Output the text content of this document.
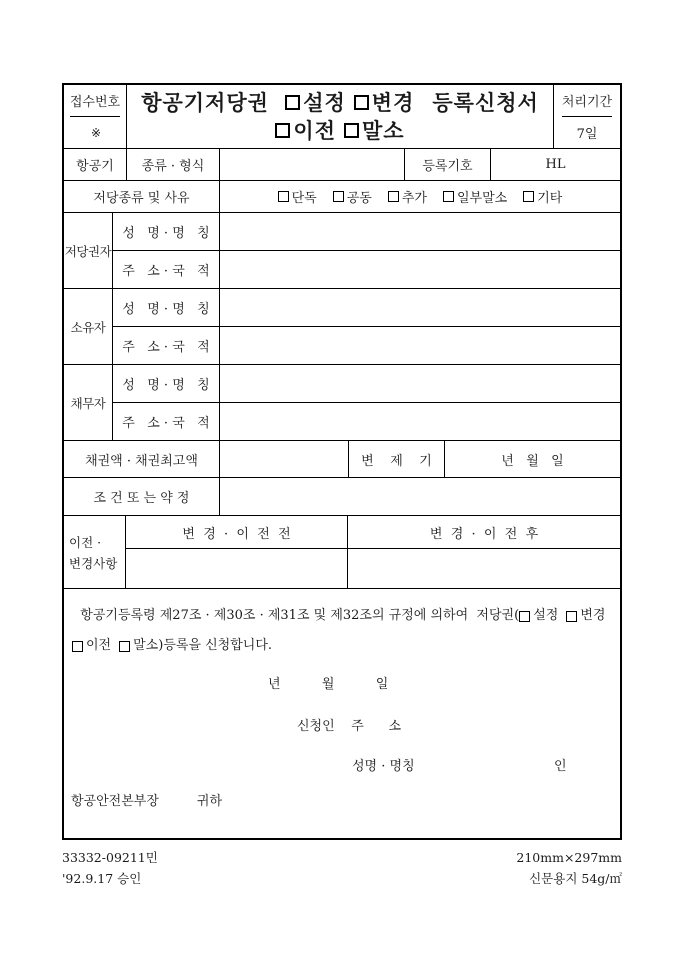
접수번호
※
항공기저당권 설정 변경 등록신청서
이전 말소
처리기간
7일
항공기	종류 · 형식	등록기호	HL
저당종류 및 사유	단독 공동 추가 일부말소 기타
저당권자
성   명 · 명   칭
주   소 · 국   적
소유자
성   명 · 명   칭
주   소 · 국   적
채무자
성   명 · 명   칭
주   소 · 국   적
채권액 · 채권최고액	변    제    기	년   월   일
조 건 또 는 약 정
이전 ·
변경사항
변  경  ·  이  전  전	변  경  ·  이  전  후
항공기등록령 제27조 · 제30조 · 제31조 및 제32조의 규정에 의하여  저당권( 설정 변경
이전 말소 )등록을 신청합니다.
년          월          일
신청인    주      소
성명 · 명칭	인
항공안전본부장	귀하
33332-09211민
'92.9.17 승인
210mm×297mm
신문용지 54g/㎡
